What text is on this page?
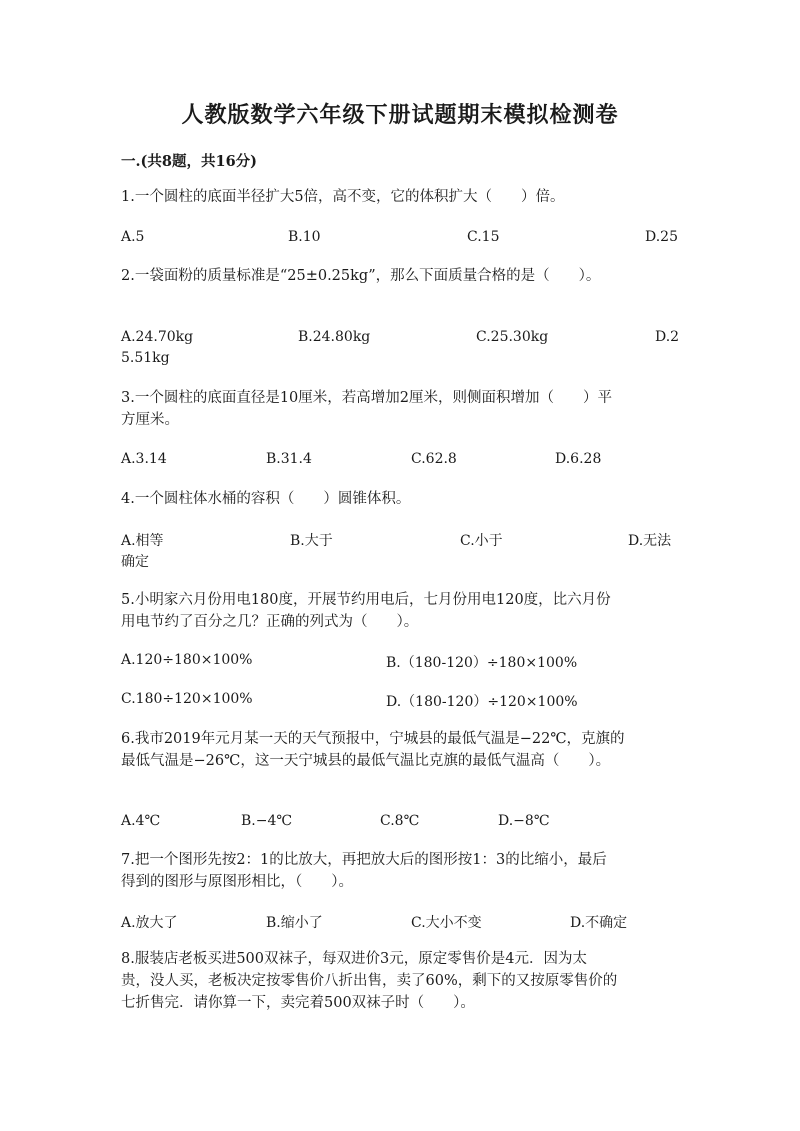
人教版数学六年级下册试题期末模拟检测卷
一.(共8题，共16分)
1.一个圆柱的底面半径扩大5倍，高不变，它的体积扩大（　　）倍。
A.5	B.10	C.15	D.25
2.一袋面粉的质量标准是“25±0.25kg”，那么下面质量合格的是（　　）。
A.24.70kg	B.24.80kg	C.25.30kg	D.2
5.51kg
3.一个圆柱的底面直径是10厘米，若高增加2厘米，则侧面积增加（　　）平
方厘米。
A.3.14	B.31.4	C.62.8	D.6.28
4.一个圆柱体水桶的容积（　　）圆锥体积。
A.相等	B.大于	C.小于	D.无法
确定
5.小明家六月份用电180度，开展节约用电后，七月份用电120度，比六月份
用电节约了百分之几？正确的列式为（　　）。
A.120÷180×100%	B.（180-120）÷180×100%
C.180÷120×100%	D.（180-120）÷120×100%
6.我市2019年元月某一天的天气预报中，宁城县的最低气温是−22℃，克旗的
最低气温是−26℃，这一天宁城县的最低气温比克旗的最低气温高（　　）。
A.4℃	B.−4℃	C.8℃	D.−8℃
7.把一个图形先按2：1的比放大，再把放大后的图形按1：3的比缩小，最后
得到的图形与原图形相比，（　　）。
A.放大了	B.缩小了	C.大小不变	D.不确定
8.服装店老板买进500双袜子，每双进价3元，原定零售价是4元．因为太
贵，没人买，老板决定按零售价八折出售，卖了60%，剩下的又按原零售价的
七折售完．请你算一下，卖完着500双袜子时（　　）。
